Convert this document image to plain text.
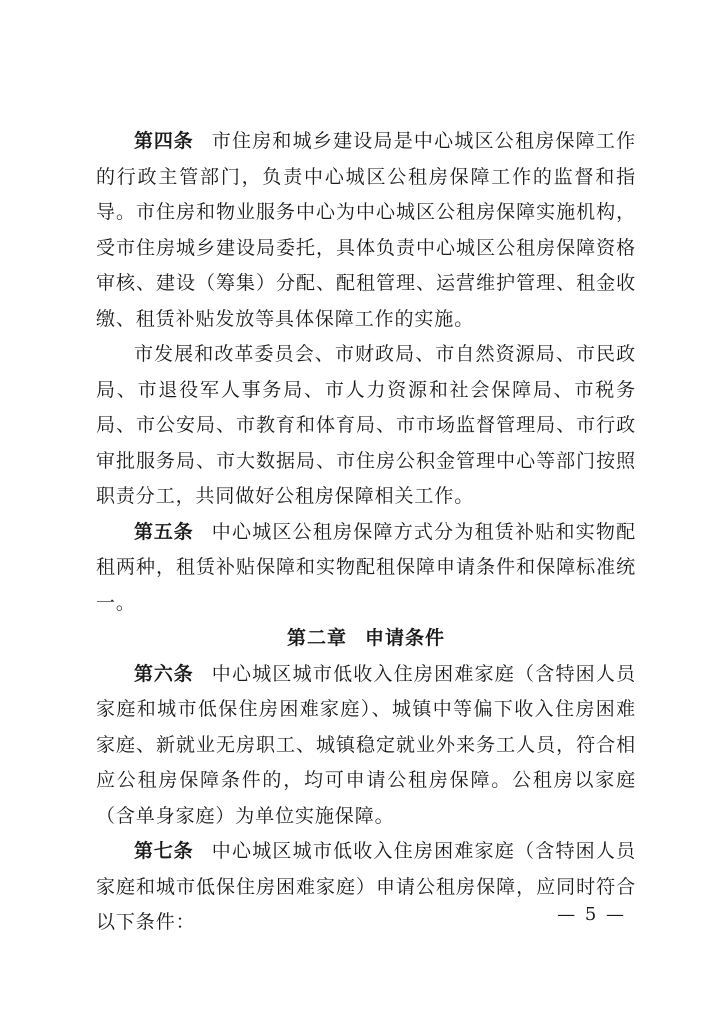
第四条 市住房和城乡建设局是中心城区公租房保障工作的行政主管部门，负责中心城区公租房保障工作的监督和指导。市住房和物业服务中心为中心城区公租房保障实施机构，受市住房城乡建设局委托，具体负责中心城区公租房保障资格审核、建设（筹集）分配、配租管理、运营维护管理、租金收缴、租赁补贴发放等具体保障工作的实施。

市发展和改革委员会、市财政局、市自然资源局、市民政局、市退役军人事务局、市人力资源和社会保障局、市税务局、市公安局、市教育和体育局、市市场监督管理局、市行政审批服务局、市大数据局、市住房公积金管理中心等部门按照职责分工，共同做好公租房保障相关工作。

第五条 中心城区公租房保障方式分为租赁补贴和实物配租两种，租赁补贴保障和实物配租保障申请条件和保障标准统一。

第二章 申请条件

第六条 中心城区城市低收入住房困难家庭（含特困人员家庭和城市低保住房困难家庭）、城镇中等偏下收入住房困难家庭、新就业无房职工、城镇稳定就业外来务工人员，符合相应公租房保障条件的，均可申请公租房保障。公租房以家庭（含单身家庭）为单位实施保障。

第七条 中心城区城市低收入住房困难家庭（含特困人员家庭和城市低保住房困难家庭）申请公租房保障，应同时符合以下条件：	— 5 —
